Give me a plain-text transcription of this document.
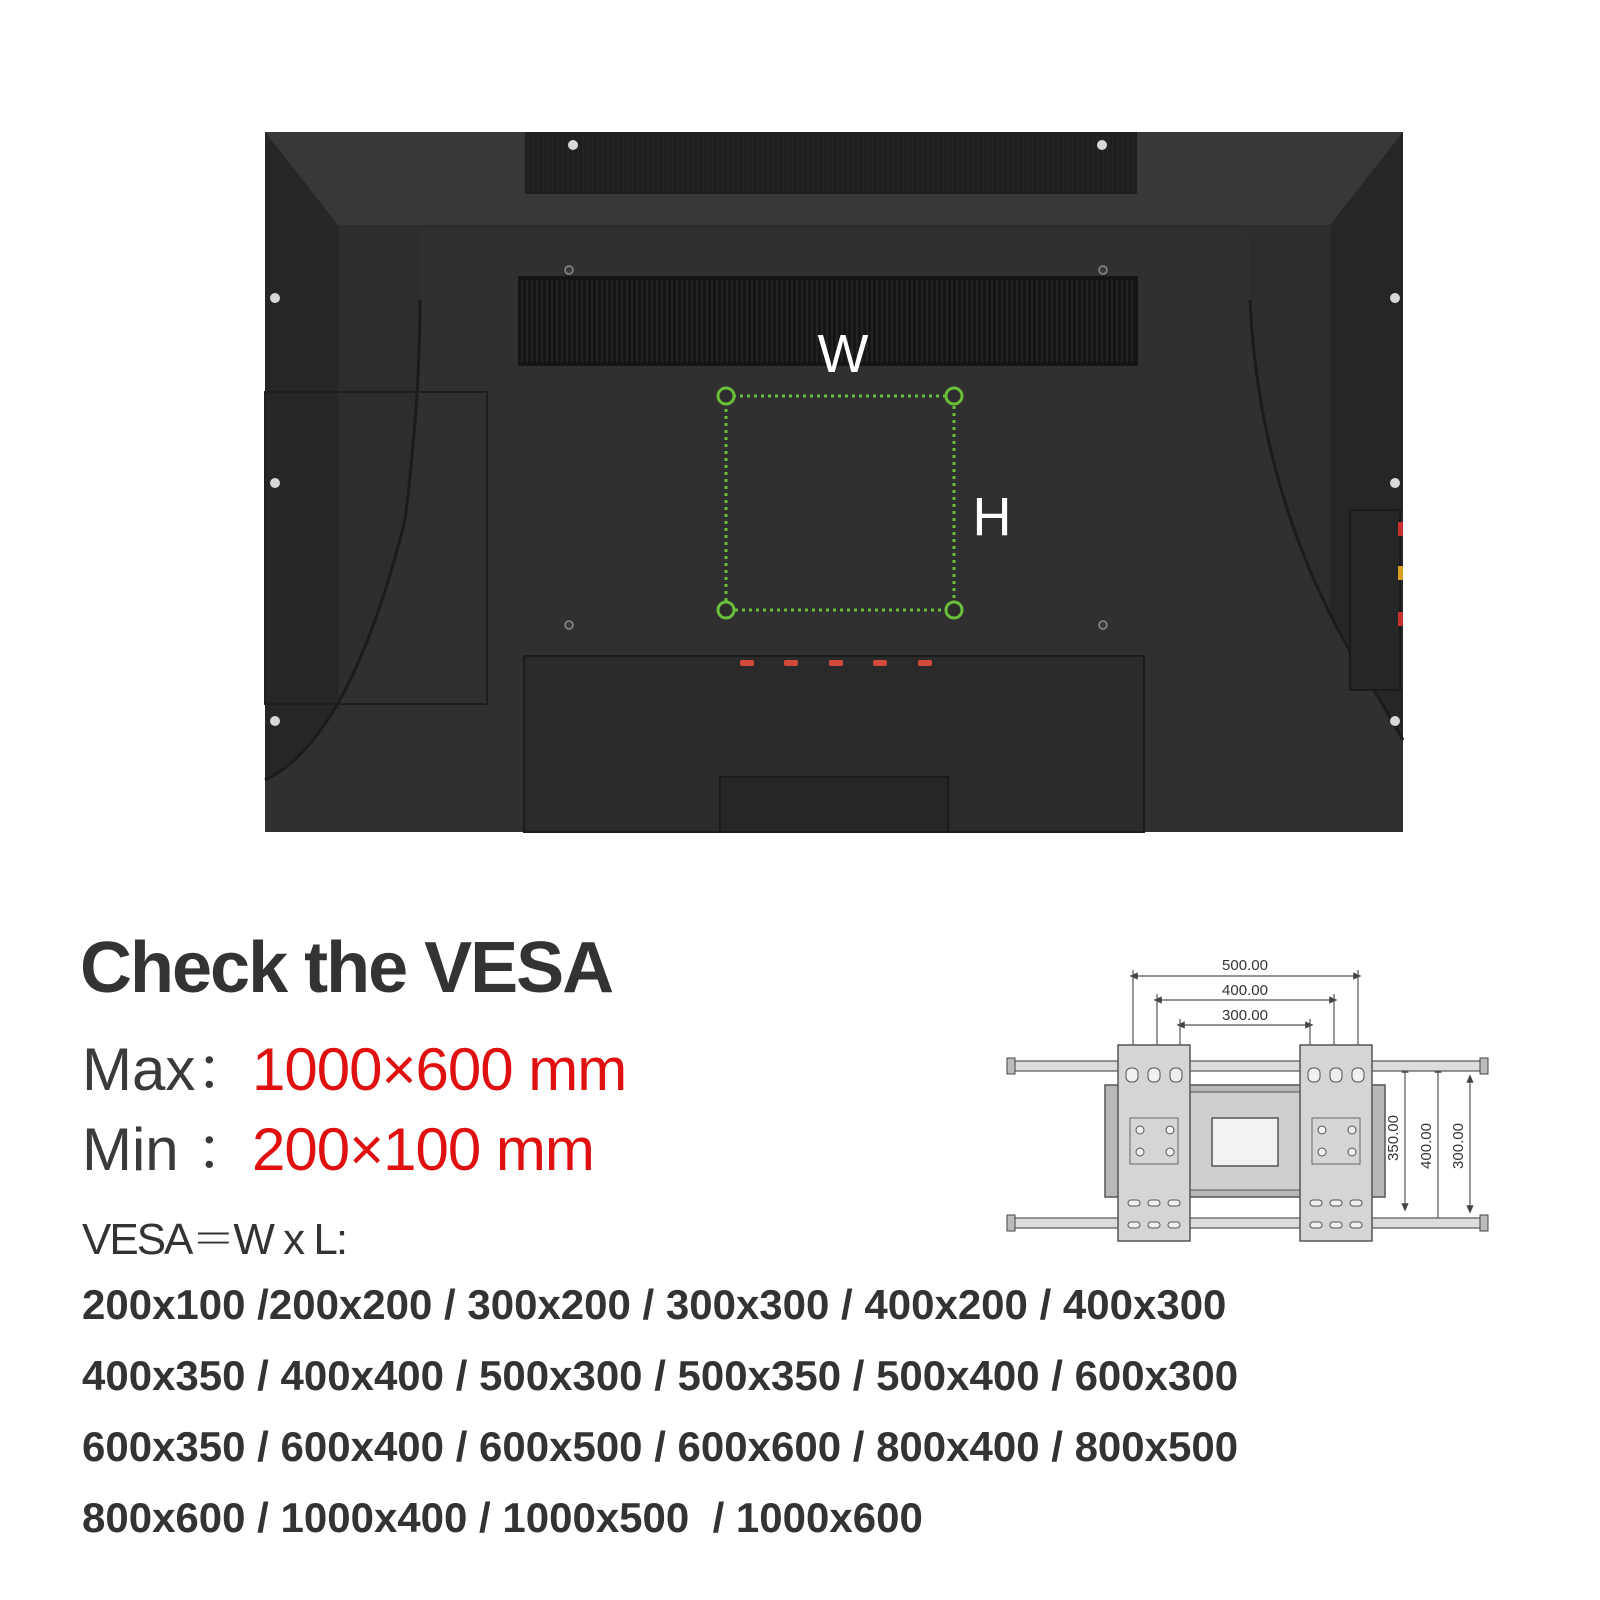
W
H
500.00
400.00
300.00
350.00 400.00 300.00
Check the VESA
Max：1000×600 mm
Min ：200×100 mm
VESA＝W x L:
200x100 /200x200 / 300x200 / 300x300 / 400x200 / 400x300
400x350 / 400x400 / 500x300 / 500x350 / 500x400 / 600x300
600x350 / 600x400 / 600x500 / 600x600 / 800x400 / 800x500
800x600 / 1000x400 / 1000x500  / 1000x600
